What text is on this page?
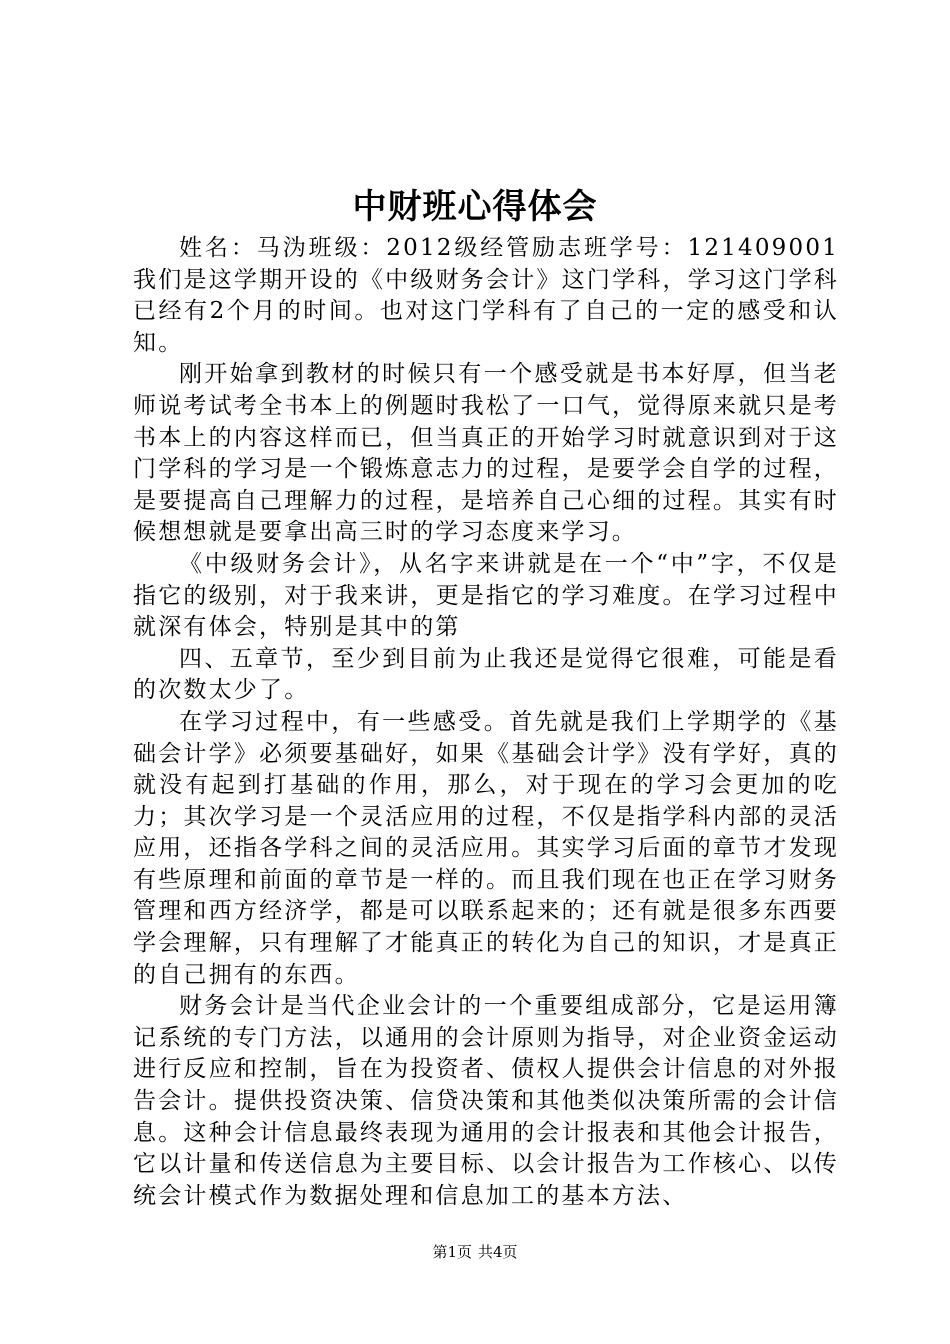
中财班心得体会

姓名：马沩班级：2012级经管励志班学号：121409001我们是这学期开设的《中级财务会计》这门学科，学习这门学科已经有2个月的时间。也对这门学科有了自己的一定的感受和认知。

刚开始拿到教材的时候只有一个感受就是书本好厚，但当老师说考试考全书本上的例题时我松了一口气，觉得原来就只是考书本上的内容这样而已，但当真正的开始学习时就意识到对于这门学科的学习是一个锻炼意志力的过程，是要学会自学的过程，是要提高自己理解力的过程，是培养自己心细的过程。其实有时候想想就是要拿出高三时的学习态度来学习。

《中级财务会计》，从名字来讲就是在一个“中”字，不仅是指它的级别，对于我来讲，更是指它的学习难度。在学习过程中就深有体会，特别是其中的第

四、五章节，至少到目前为止我还是觉得它很难，可能是看的次数太少了。

在学习过程中，有一些感受。首先就是我们上学期学的《基础会计学》必须要基础好，如果《基础会计学》没有学好，真的就没有起到打基础的作用，那么，对于现在的学习会更加的吃力；其次学习是一个灵活应用的过程，不仅是指学科内部的灵活应用，还指各学科之间的灵活应用。其实学习后面的章节才发现有些原理和前面的章节是一样的。而且我们现在也正在学习财务管理和西方经济学，都是可以联系起来的；还有就是很多东西要学会理解，只有理解了才能真正的转化为自己的知识，才是真正的自己拥有的东西。

财务会计是当代企业会计的一个重要组成部分，它是运用簿记系统的专门方法，以通用的会计原则为指导，对企业资金运动进行反应和控制，旨在为投资者、债权人提供会计信息的对外报告会计。提供投资决策、信贷决策和其他类似决策所需的会计信息。这种会计信息最终表现为通用的会计报表和其他会计报告，它以计量和传送信息为主要目标、以会计报告为工作核心、以传统会计模式作为数据处理和信息加工的基本方法、

第1页 共4页
